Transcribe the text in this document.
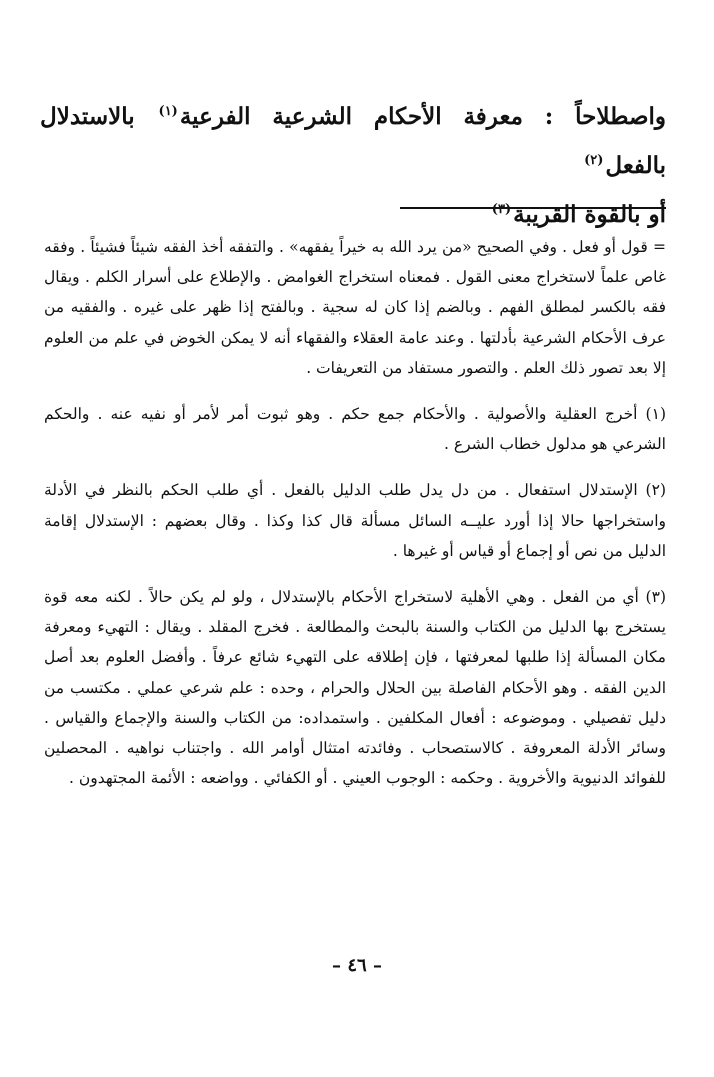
واصطلاحاً : معرفة الأحكام الشرعية الفرعية$^{(١)}$ بالاستدلال بالفعل$^{(٢)}$

أو بالقوة القريبة$^{(٣)}$

= قول أو فعل . وفي الصحيح «من يرد الله به خيراً يفقهه» . والتفقه أخذ الفقه شيئاً فشيئاً . وفقه غاص علماً لاستخراج معنى القول . فمعناه استخراج الغوامض . والإطلاع على أسرار الكلم . ويقال فقه بالكسر لمطلق الفهم . وبالضم إذا كان له سجية . وبالفتح إذا ظهر على غيره . والفقيه من عرف الأحكام الشرعية بأدلتها . وعند عامة العقلاء والفقهاء أنه لا يمكن الخوض في علم من العلوم إلا بعد تصور ذلك العلم . والتصور مستفاد من التعريفات .

(١) أخرج العقلية والأصولية . والأحكام جمع حكم . وهو ثبوت أمر لأمر أو نفيه عنه . والحكم الشرعي هو مدلول خطاب الشرع .

(٢) الإستدلال استفعال . من دل يدل طلب الدليل بالفعل . أي طلب الحكم بالنظر في الأدلة واستخراجها حالا إذا أورد عليــه السائل مسألة قال كذا وكذا . وقال بعضهم : الإستدلال إقامة الدليل من نص أو إجماع أو قياس أو غيرها .

(٣) أي من الفعل . وهي الأهلية لاستخراج الأحكام بالإستدلال ، ولو لم يكن حالاً . لكنه معه قوة يستخرج بها الدليل من الكتاب والسنة بالبحث والمطالعة . فخرج المقلد . ويقال : التهيء ومعرفة مكان المسألة إذا طلبها لمعرفتها ، فإن إطلاقه على التهيء شائع عرفاً . وأفضل العلوم بعد أصل الدين الفقه . وهو الأحكام الفاصلة بين الحلال والحرام ، وحده : علم شرعي عملي . مكتسب من دليل تفصيلي . وموضوعه : أفعال المكلفين . واستمداده: من الكتاب والسنة والإجماع والقياس . وسائر الأدلة المعروفة . كالاستصحاب . وفائدته امتثال أوامر الله . واجتناب نواهيه . المحصلين للفوائد الدنيوية والأخروية . وحكمه : الوجوب العيني . أو الكفائي . وواضعه : الأئمة المجتهدون .

– ٤٦ –
